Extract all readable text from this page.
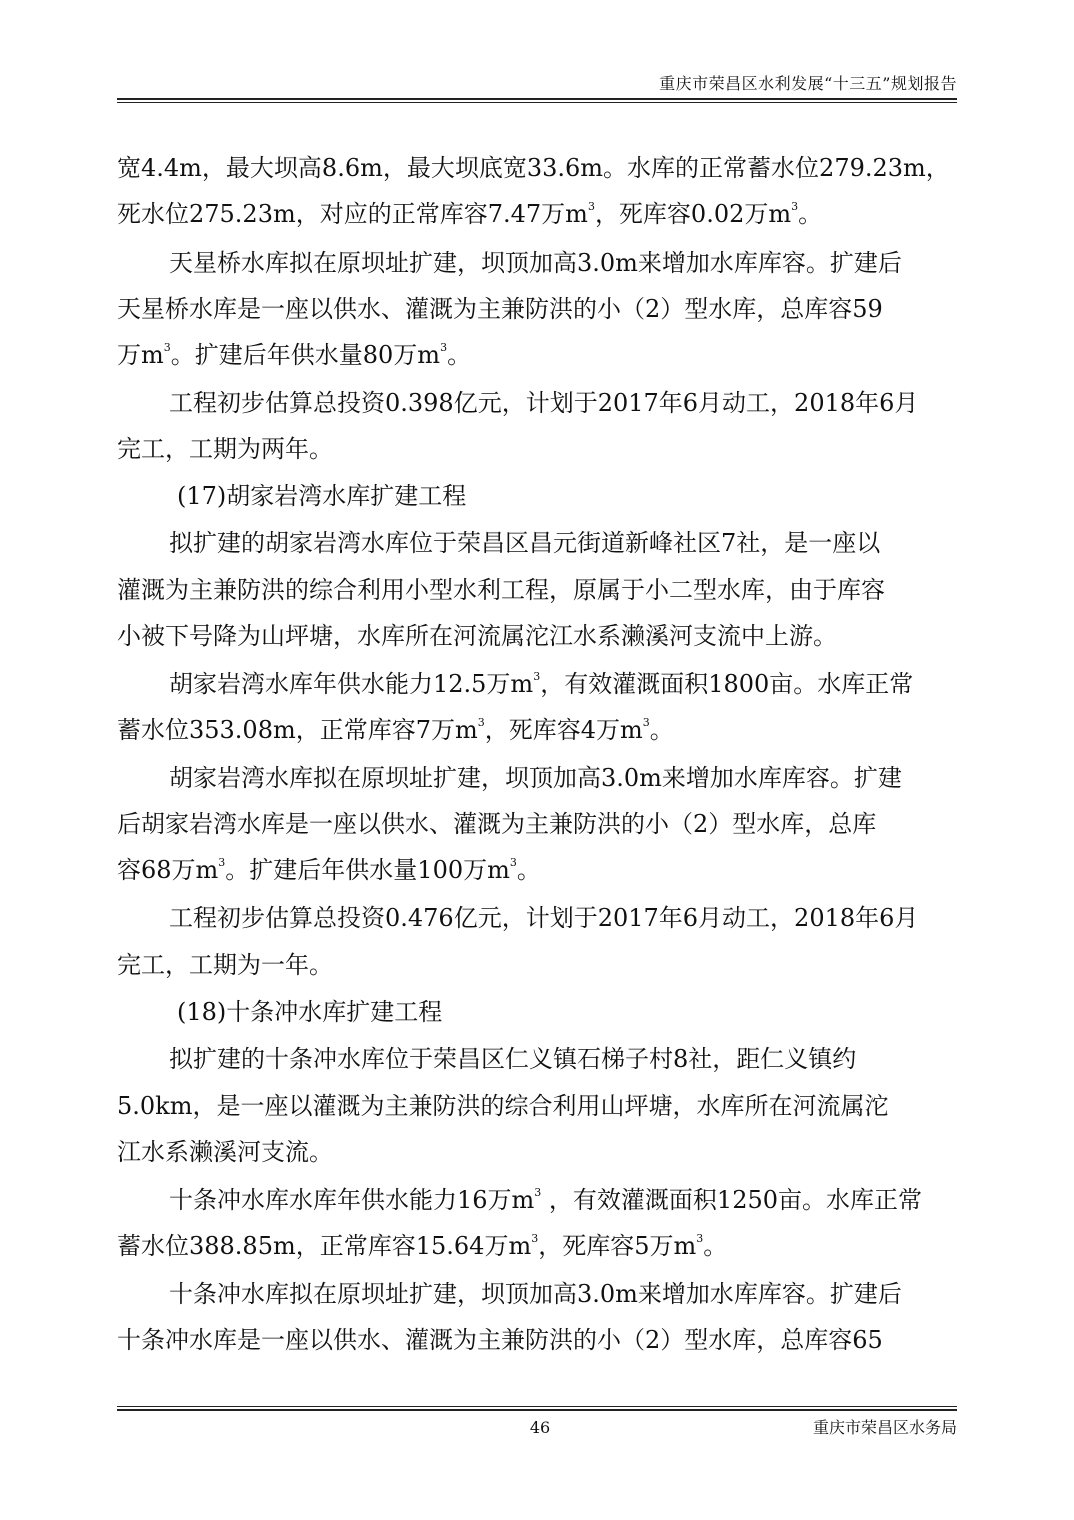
重庆市荣昌区水利发展“十三五”规划报告
宽4.4m，最大坝高8.6m，最大坝底宽33.6m。水库的正常蓄水位279.23m，
死水位275.23m，对应的正常库容7.47万$m^3$，死库容0.02万$m^3$。
天星桥水库拟在原坝址扩建，坝顶加高3.0m来增加水库库容。扩建后
天星桥水库是一座以供水、灌溉为主兼防洪的小（2）型水库，总库容59
万$m^3$。扩建后年供水量80万$m^3$。
工程初步估算总投资0.398亿元，计划于2017年6月动工，2018年6月
完工，工期为两年。
(17)胡家岩湾水库扩建工程
拟扩建的胡家岩湾水库位于荣昌区昌元街道新峰社区7社，是一座以
灌溉为主兼防洪的综合利用小型水利工程，原属于小二型水库，由于库容
小被下号降为山坪塘，水库所在河流属沱江水系濑溪河支流中上游。
胡家岩湾水库年供水能力12.5万$m^3$，有效灌溉面积1800亩。水库正常
蓄水位353.08m，正常库容7万$m^3$，死库容4万$m^3$。
胡家岩湾水库拟在原坝址扩建，坝顶加高3.0m来增加水库库容。扩建
后胡家岩湾水库是一座以供水、灌溉为主兼防洪的小（2）型水库，总库
容68万$m^3$。扩建后年供水量100万$m^3$。
工程初步估算总投资0.476亿元，计划于2017年6月动工，2018年6月
完工，工期为一年。
(18)十条冲水库扩建工程
拟扩建的十条冲水库位于荣昌区仁义镇石梯子村8社，距仁义镇约
5.0km，是一座以灌溉为主兼防洪的综合利用山坪塘，水库所在河流属沱
江水系濑溪河支流。
十条冲水库水库年供水能力16万$m^3$ ，有效灌溉面积1250亩。水库正常
蓄水位388.85m，正常库容15.64万$m^3$，死库容5万$m^3$。
十条冲水库拟在原坝址扩建，坝顶加高3.0m来增加水库库容。扩建后
十条冲水库是一座以供水、灌溉为主兼防洪的小（2）型水库，总库容65
46	重庆市荣昌区水务局
